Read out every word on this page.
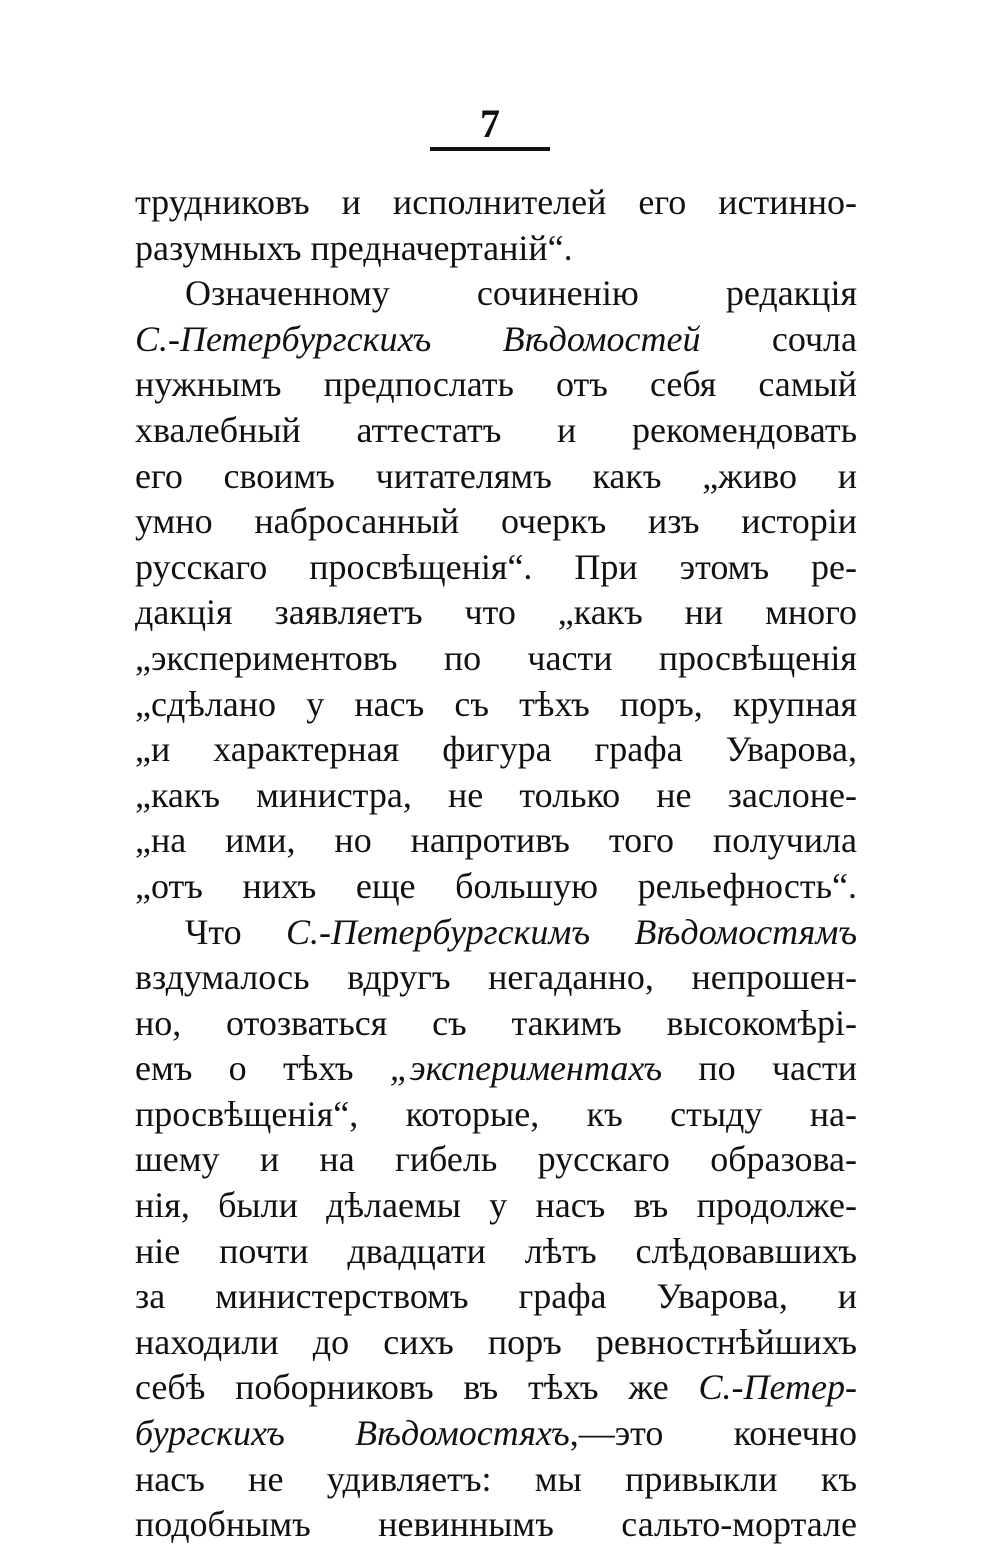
7
трудниковъ и исполнителей его истинно-
разумныхъ предначертаній“.
Означенному сочиненію редакція
С.-Петербургскихъ Вѣдомостей сочла
нужнымъ предпослать отъ себя самый
хвалебный аттестатъ и рекомендовать
его своимъ читателямъ какъ „живо и
умно набросанный очеркъ изъ исторіи
русскаго просвѣщенія“. При этомъ ре-
дакція заявляетъ что „какъ ни много
„экспериментовъ по части просвѣщенія
„сдѣлано у насъ съ тѣхъ поръ, крупная
„и характерная фигура графа Уварова,
„какъ министра, не только не заслоне-
„на ими, но напротивъ того получила
„отъ нихъ еще большую рельефность“.
Что С.-Петербургскимъ Вѣдомостямъ
вздумалось вдругъ негаданно, непрошен-
но, отозваться съ такимъ высокомѣрі-
емъ о тѣхъ „экспериментахъ по части
просвѣщенія“, которые, къ стыду на-
шему и на гибель русскаго образова-
нія, были дѣлаемы у насъ въ продолже-
ніе почти двадцати лѣтъ слѣдовавшихъ
за министерствомъ графа Уварова, и
находили до сихъ поръ ревностнѣйшихъ
себѣ поборниковъ въ тѣхъ же С.-Петер-
бургскихъ Вѣдомостяхъ,—это конечно
насъ не удивляетъ: мы привыкли къ
подобнымъ невиннымъ сальто-мортале
